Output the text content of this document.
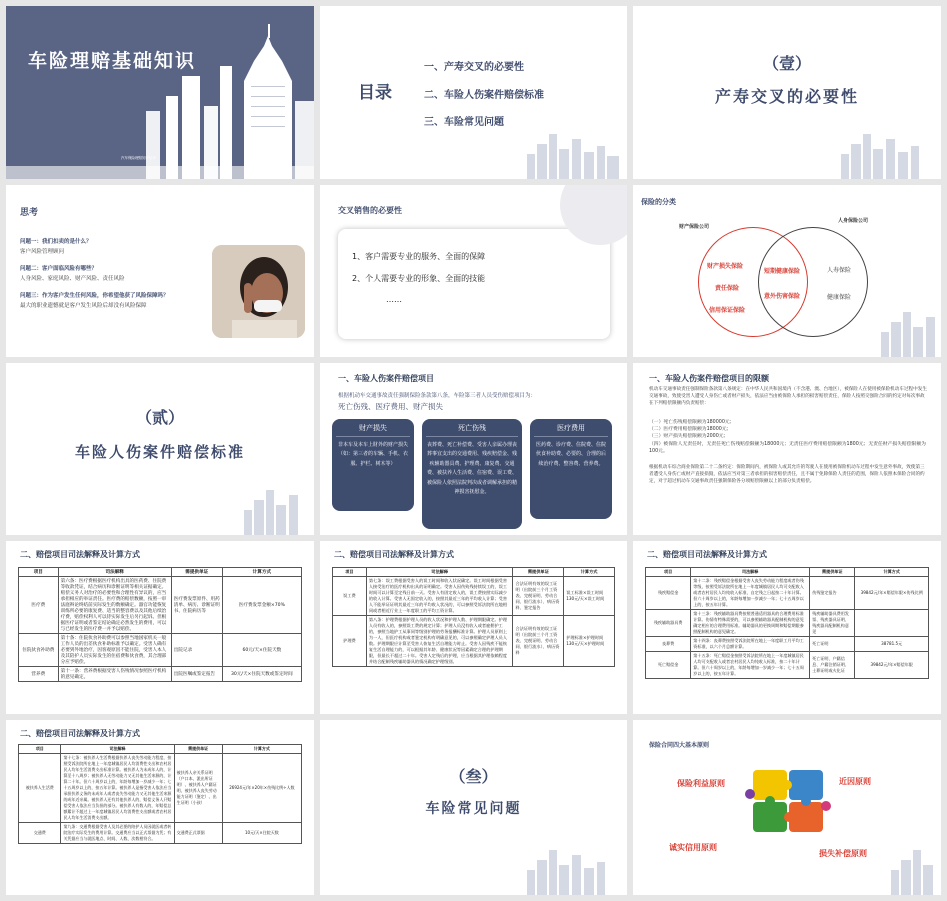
车险理赔基础知识
汽车保险理赔知识培训
目录
一、产寿交叉的必要性
二、车险人伤案件赔偿标准
三、车险常见问题
（壹）
产寿交叉的必要性
思考
问题一：我们扣卖的是什么？
客户风险管理顾问
问题二：客户面临风险有哪些？
人身风险、家庭风险、财产风险、责任风险
问题三：作为客户发生任何风险，你希望他获了风险保障吗？
最大的职业遗憾就是客户发生风险后却没有风险保障
交叉销售的必要性
1、客户需要专业的服务、全面的保障
2、个人需要专业的形象、全面的技能
……
保险的分类
财产保险公司
人身保险公司
财产损失保险
责任保险
信用保证保险
短期健康保险
意外伤害保险
人寿保险
健康保险
（贰）
车险人伤案件赔偿标准
一、车险人伤案件赔偿项目
根据机动车交通事故责任强制保险条款第八条，车险第三者人员受伤赔偿项目为：
死亡伤残、医疗费用、财产损失
财产损失
非本车及本车上財外的财产损失（如：第三者的车辆、手机、衣服、护栏、树木等）
死亡伤残
丧葬费、死亡补偿费、受害人亲属办理丧葬事宜支出的交通费用、残疾赔偿金、残疾辅助器具费、护理费、康复费、交通费、被扶养人生活费、住宿费、误工费、被保险人依照法院判决或者调解承担的精神损害抚慰金。
医疗费用
医药费、诊疗费、住院费、住院伙食补助费、必要的、合理的后续治疗费、整容费、营养费。
一、车险人伤案件赔偿项目的限额
机动车交通事故责任强制保险条款第八条规定：在中华人民共和国境内（不含港、澳、台地区），被保险人在使用被保险机动车过程中发生交通事故，致使受害人遭受人身伤亡或者财产损失，依法应当由被保险人承担的损害赔偿责任，保险人按照交强险合同的约定对每次事故在下列赔偿限额内负责赔偿：
（一）死亡伤残赔偿限额为180000元；
（二）医疗费用赔偿限额为18000元；
（三）财产损失赔偿限额为2000元；
（四）被保险人无责任时，无责任死亡伤残赔偿限额为18000元；无责任医疗费用赔偿限额为1800元；无责任财产损失赔偿限额为100元。
根据机动车综合商业保险第二十二条约定：保险期间内，被保险人或其允许的驾驶人在使用被保险机动车过程中发生意外事故，致使第三者遭受人身伤亡或财产直接损毁，依法应当对第三者承担的损害赔偿责任，且不属于免除保险人责任的范围，保险人依照本保险合同的约定，对于超过机动车交通事故责任强制保险各分项赔偿限额以上的部分负责赔偿。
二、赔偿项目司法解释及计算方式
项目	司法解释	需提供单证	计算方式
医疗费	第六条：医疗费根据医疗机构出具的医药费、住院费等收款凭证，结合病历和诊断证明等相关证据确定。赔偿义务人对治疗的必要性和合理性有异议的，应当承担相应的举证责任。医疗费的赔偿数额，按照一审法庭辩论终结前实际发生的数额确定。器官功能恢复训练所必要的康复费、适当的整容费以及其他后续治疗费，赔偿权利人可以待实际发生后另行起诉。但根据医疗证明或者鉴定结论确定必然发生的费用，可以与已经发生的医疗费一并予以赔偿。	医疗费发票原件、用药清单、病历、诊断证明书、住院病历等	医疗费发票金额×70%
住院伙食补助费	第十条：住院伙食补助费可以参照当地国家机关一般工作人员的出差伙食补助标准予以确定。受害人确有必要到外地治疗，因客观原因不能住院，受害人本人及其陪护人员实际发生的住宿费和伙食费，其合理部分应予赔偿。	出院记录	60元/天×住院天数
营养费	第十一条：营养费根据受害人伤残情况参照医疗机构的意见确定。	出院医嘱或鉴定报告	30元/天×住院天数或鉴定时间
二、赔偿项目司法解释及计算方式
项目	司法解释	需提供单证	计算方式
误工费	第七条：误工费根据受害人的误工时间和收入状况确定。误工时间根据受害人接受治疗的医疗机构出具的证明确定。受害人因伤致残持续误工的，误工时间可以计算至定残日前一天。受害人有固定收入的，误工费按照实际减少的收入计算。受害人无固定收入的，按照其最近三年的平均收入计算；受害人不能举证证明其最近三年的平均收入状况的，可以参照受诉法院所在地相同或者相近行业上一年度职工的平均工资计算。	合法证明有效的误工证明（出院前三个月工资表、完税证明、劳动合同、银行流水）、病历资料、鉴定报告	误工标准×误工时间 130元/天×误工时间
护理费	第八条：护理费根据护理人员的收入状况和护理人数、护理期限确定。护理人员有收入的，参照误工费的规定计算；护理人员没有收入或者雇佣护工的，参照当地护工从事同等级别护理的劳务报酬标准计算。护理人员原则上为一人，但医疗机构或者鉴定机构有明确意见的，可以参照确定护理人员人数。护理期限应计算至受害人恢复生活自理能力时止。受害人因残疾不能恢复生活自理能力的，可以根据其年龄、健康状况等因素确定合理的护理期限，但最长不超过二十年。受害人定残后的护理，应当根据其护理依赖程度并结合配制残疾辅助器具的情况确定护理级别。	合法证明有效的误工证明（出院前三个月工资表、完税证明、劳动合同、银行流水）、病历资料	护理标准×护理时间 130元/天×护理时间
二、赔偿项目司法解释及计算方式
项目	司法解释	需提供单证	计算方式
残疾赔偿金	第十二条：残疾赔偿金根据受害人丧失劳动能力程度或者伤残等级，按照受诉法院所在地上一年度城镇居民人均可支配收入或者农村居民人均纯收入标准，自定残之日起按二十年计算。但六十周岁以上的，年龄每增加一岁减少一年；七十五周岁以上的，按五年计算。	伤残鉴定报告	39842元/年×赔偿年限×伤残比例
残疾辅助器具费	第十三条：残疾辅助器具费按照普通适用器具的合理费用标准计算。伤情有特殊需要的，可以参照辅助器具配制机构的意见确定相应的合理费用标准。辅助器具的更换周期和赔偿期限参照配制机构的意见确定。	残疾辅助器具费用发票、残疾器具证明、残疾器具配制机构意见	
丧葬费	第十四条：丧葬费按照受诉法院所在地上一年度职工月平均工资标准，以六个月总额计算。	死亡证明	38781.5元
死亡赔偿金	第十五条：死亡赔偿金按照受诉法院所在地上一年度城镇居民人均可支配收入或者农村居民人均纯收入标准，按二十年计算。但六十周岁以上的，年龄每增加一岁减少一年；七十五周岁以上的，按五年计算。	死亡证明、户籍信息、户籍注销证明、土葬证明或火化证	39842元/年×赔偿年限
二、赔偿项目司法解释及计算方式
项目	司法解释	需提供单证	计算方式
被扶养人生活费	第十七条：被扶养人生活费根据扶养人丧失劳动能力程度，按照受诉法院所在地上一年度城镇居民人均消费性支出和农村居民人均年生活消费支出标准计算。被扶养人为未成年人的，计算至十八周岁；被扶养人无劳动能力又无其他生活来源的，计算二十年。但六十周岁以上的，年龄每增加一岁减少一年；七十五周岁以上的，按五年计算。被扶养人是指受害人依法应当承担扶养义务的未成年人或者丧失劳动能力又无其他生活来源的成年近亲属。被扶养人还有其他扶养人的，赔偿义务人只赔偿受害人依法应当负担的部分。被扶养人有数人的，年赔偿总额累计不超过上一年度城镇居民人均消费性支出额或者农村居民人均年生活消费支出额。	被扶养人亲关系证明（户口本、派出所证明）、被扶养人户籍证明、被扶养人丧失劳动能力证明（鉴定）、出生证明（小孩）	26924元/年×20年×伤残比例÷人数
交通费	第九条：交通费根据受害人及其必要的陪护人员因就医或者转院治疗实际发生的费用计算。交通费应当以正式票据为凭；有关凭据应当与就医地点、时间、人数、次数相符合。	交通费正式票据	10元/天×住院天数
（叁）
车险常见问题
保险合同四大基本原则
保险利益原则	近因原则
诚实信用原则
损失补偿原则
